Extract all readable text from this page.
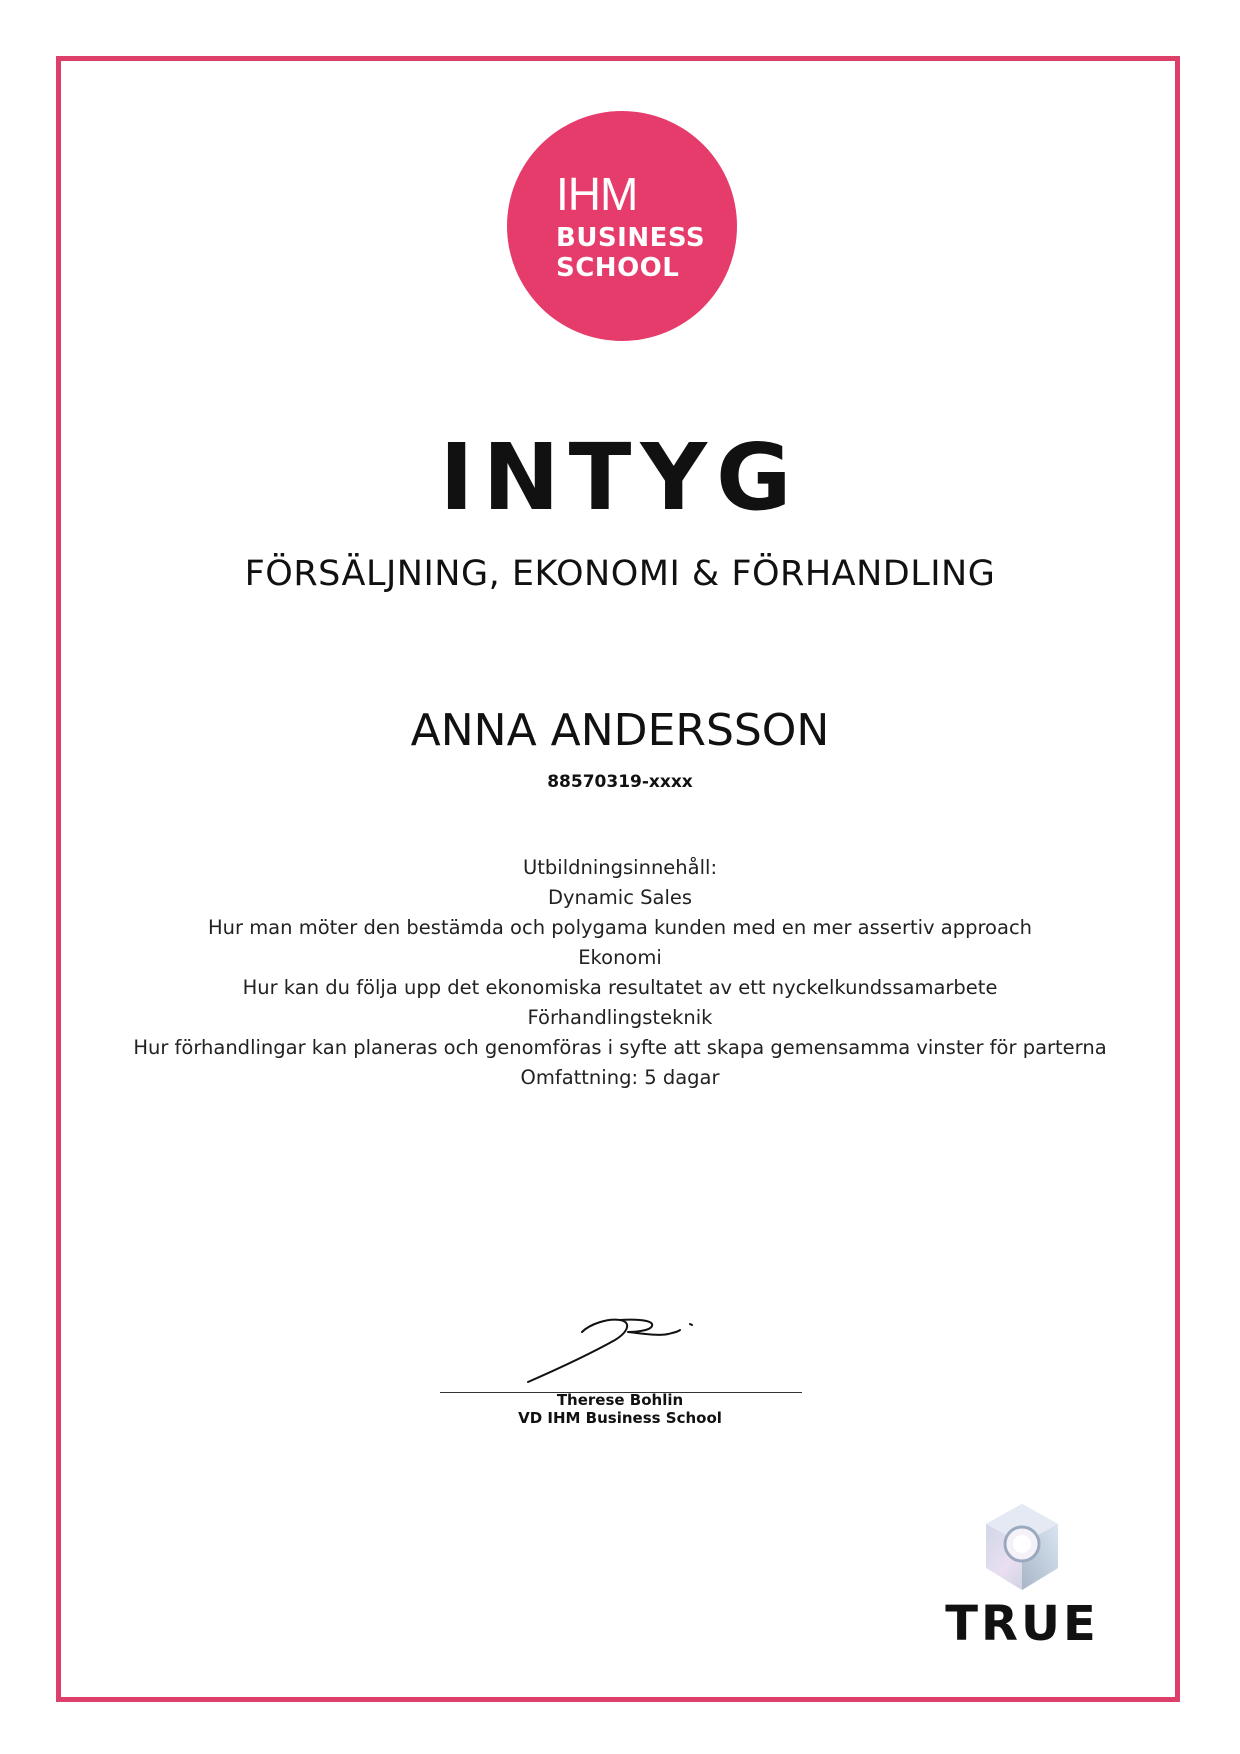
IHM
BUSINESS
SCHOOL
INTYG
FÖRSÄLJNING, EKONOMI & FÖRHANDLING
ANNA ANDERSSON
88570319-xxxx
Utbildningsinnehåll:
Dynamic Sales
Hur man möter den bestämda och polygama kunden med en mer assertiv approach
Ekonomi
Hur kan du följa upp det ekonomiska resultatet av ett nyckelkundssamarbete
Förhandlingsteknik
Hur förhandlingar kan planeras och genomföras i syfte att skapa gemensamma vinster för parterna
Omfattning: 5 dagar
Therese Bohlin
VD IHM Business School
TRUE
